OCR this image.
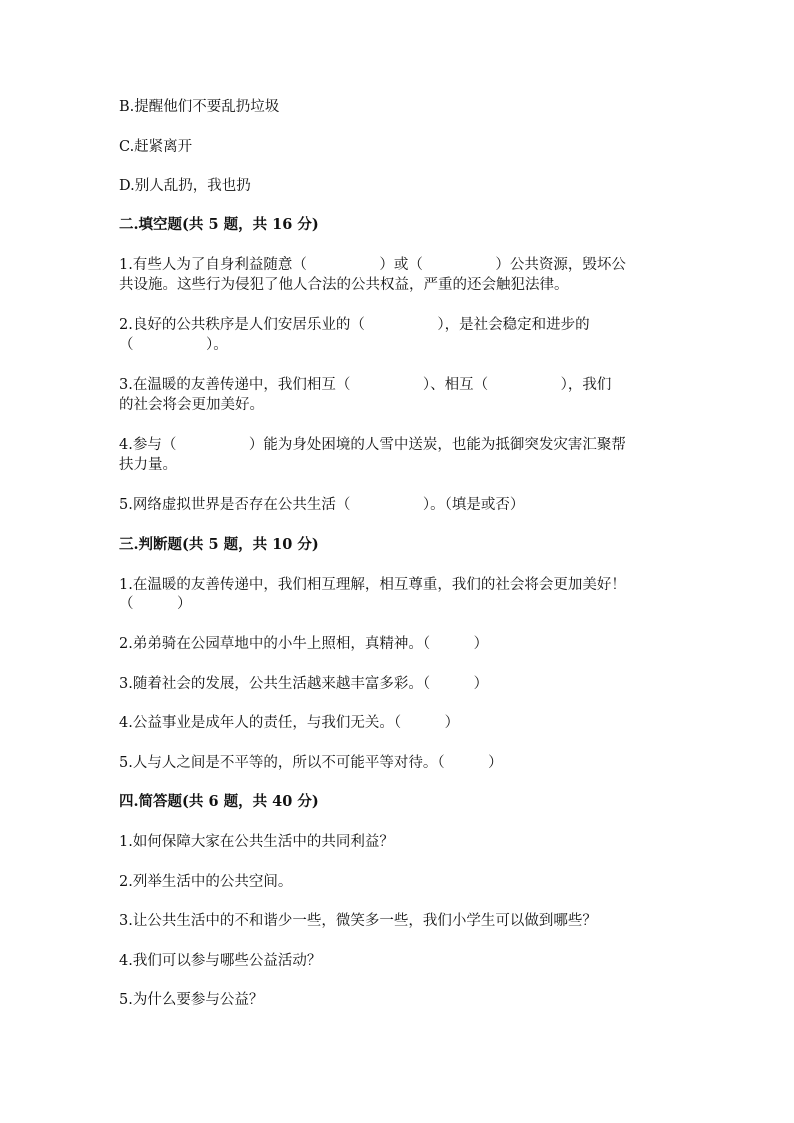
B.提醒他们不要乱扔垃圾
C.赶紧离开
D.别人乱扔，我也扔
二.填空题(共 5 题，共 16 分)
1.有些人为了自身利益随意（　　　　　）或（　　　　　）公共资源，毁坏公
共设施。这些行为侵犯了他人合法的公共权益，严重的还会触犯法律。
2.良好的公共秩序是人们安居乐业的（　　　　　），是社会稳定和进步的
（　　　　　）。
3.在温暖的友善传递中，我们相互（　　　　　）、相互（　　　　　），我们
的社会将会更加美好。
4.参与（　　　　　）能为身处困境的人雪中送炭，也能为抵御突发灾害汇聚帮
扶力量。
5.网络虚拟世界是否存在公共生活（　　　　　）。（填是或否）
三.判断题(共 5 题，共 10 分)
1.在温暖的友善传递中，我们相互理解，相互尊重，我们的社会将会更加美好！
（　　　）
2.弟弟骑在公园草地中的小牛上照相，真精神。（　　　）
3.随着社会的发展，公共生活越来越丰富多彩。（　　　）
4.公益事业是成年人的责任，与我们无关。（　　　）
5.人与人之间是不平等的，所以不可能平等对待。（　　　）
四.简答题(共 6 题，共 40 分)
1.如何保障大家在公共生活中的共同利益？
2.列举生活中的公共空间。
3.让公共生活中的不和谐少一些，微笑多一些，我们小学生可以做到哪些？
4.我们可以参与哪些公益活动？
5.为什么要参与公益？
